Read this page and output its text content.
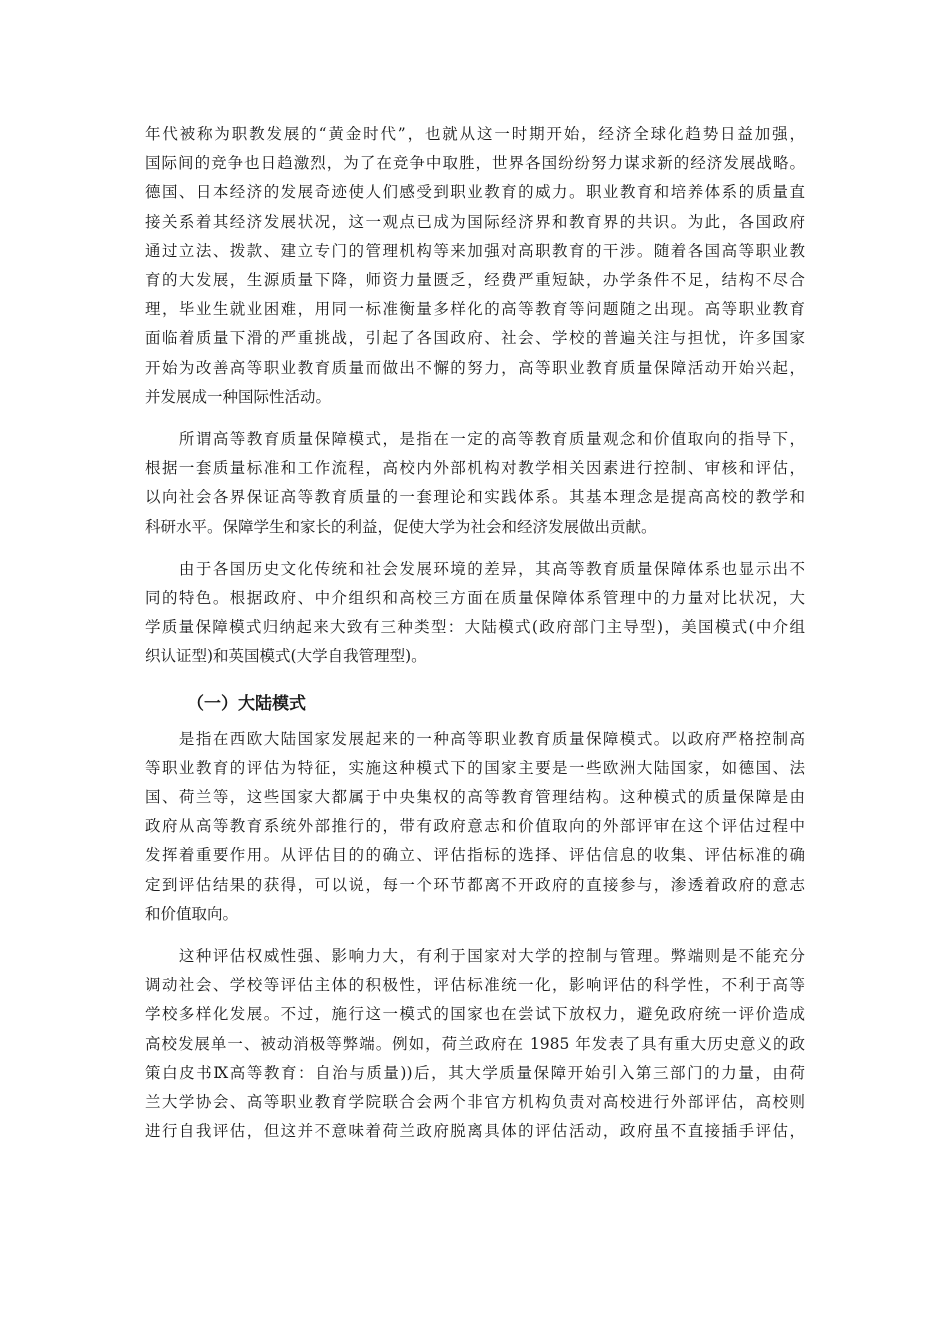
年代被称为职教发展的“黄金时代”，也就从这一时期开始，经济全球化趋势日益加强，
国际间的竞争也日趋激烈，为了在竞争中取胜，世界各国纷纷努力谋求新的经济发展战略。
德国、日本经济的发展奇迹使人们感受到职业教育的威力。职业教育和培养体系的质量直
接关系着其经济发展状况，这一观点已成为国际经济界和教育界的共识。为此，各国政府
通过立法、拨款、建立专门的管理机构等来加强对高职教育的干涉。随着各国高等职业教
育的大发展，生源质量下降，师资力量匮乏，经费严重短缺，办学条件不足，结构不尽合
理，毕业生就业困难，用同一标准衡量多样化的高等教育等问题随之出现。高等职业教育
面临着质量下滑的严重挑战，引起了各国政府、社会、学校的普遍关注与担忧，许多国家
开始为改善高等职业教育质量而做出不懈的努力，高等职业教育质量保障活动开始兴起，
并发展成一种国际性活动。

　　所谓高等教育质量保障模式，是指在一定的高等教育质量观念和价值取向的指导下，
根据一套质量标准和工作流程，高校内外部机构对教学相关因素进行控制、审核和评估，
以向社会各界保证高等教育质量的一套理论和实践体系。其基本理念是提高高校的教学和
科研水平。保障学生和家长的利益，促使大学为社会和经济发展做出贡献。

　　由于各国历史文化传统和社会发展环境的差异，其高等教育质量保障体系也显示出不
同的特色。根据政府、中介组织和高校三方面在质量保障体系管理中的力量对比状况，大
学质量保障模式归纳起来大致有三种类型：大陆模式(政府部门主导型)，美国模式(中介组
织认证型)和英国模式(大学自我管理型)。

（一）大陆模式

　　是指在西欧大陆国家发展起来的一种高等职业教育质量保障模式。以政府严格控制高
等职业教育的评估为特征，实施这种模式下的国家主要是一些欧洲大陆国家，如德国、法
国、荷兰等，这些国家大都属于中央集权的高等教育管理结构。这种模式的质量保障是由
政府从高等教育系统外部推行的，带有政府意志和价值取向的外部评审在这个评估过程中
发挥着重要作用。从评估目的的确立、评估指标的选择、评估信息的收集、评估标准的确
定到评估结果的获得，可以说，每一个环节都离不开政府的直接参与，渗透着政府的意志
和价值取向。

　　这种评估权威性强、影响力大，有利于国家对大学的控制与管理。弊端则是不能充分
调动社会、学校等评估主体的积极性，评估标准统一化，影响评估的科学性，不利于高等
学校多样化发展。不过，施行这一模式的国家也在尝试下放权力，避免政府统一评价造成
高校发展单一、被动消极等弊端。例如，荷兰政府在 1985 年发表了具有重大历史意义的政
策白皮书Ⅸ高等教育：自治与质量))后，其大学质量保障开始引入第三部门的力量，由荷
兰大学协会、高等职业教育学院联合会两个非官方机构负责对高校进行外部评估，高校则
进行自我评估，但这并不意味着荷兰政府脱离具体的评估活动，政府虽不直接插手评估，
